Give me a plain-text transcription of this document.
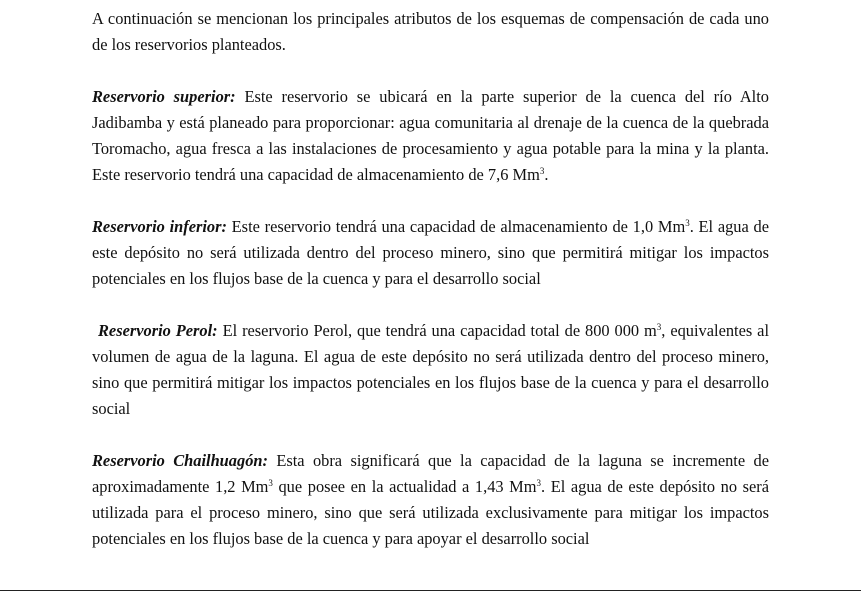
A continuación se mencionan los principales atributos de los esquemas de compensación de cada uno de los reservorios planteados.

Reservorio superior: Este reservorio se ubicará en la parte superior de la cuenca del río Alto Jadibamba y está planeado para proporcionar: agua comunitaria al drenaje de la cuenca de la quebrada Toromacho, agua fresca a las instalaciones de procesamiento y agua potable para la mina y la planta. Este reservorio tendrá una capacidad de almacenamiento de 7,6 Mm$^3$.

Reservorio inferior: Este reservorio tendrá una capacidad de almacenamiento de 1,0 Mm$^3$. El agua de este depósito no será utilizada dentro del proceso minero, sino que permitirá mitigar los impactos potenciales en los flujos base de la cuenca y para el desarrollo social

Reservorio Perol: El reservorio Perol, que tendrá una capacidad total de 800 000 $m^3$, equivalentes al volumen de agua de la laguna. El agua de este depósito no será utilizada dentro del proceso minero, sino que permitirá mitigar los impactos potenciales en los flujos base de la cuenca y para el desarrollo social

Reservorio Chailhuagón: Esta obra significará que la capacidad de la laguna se incremente de aproximadamente 1,2 Mm$^3$ que posee en la actualidad a 1,43 Mm$^3$. El agua de este depósito no será utilizada para el proceso minero, sino que será utilizada exclusivamente para mitigar los impactos potenciales en los flujos base de la cuenca y para apoyar el desarrollo social
